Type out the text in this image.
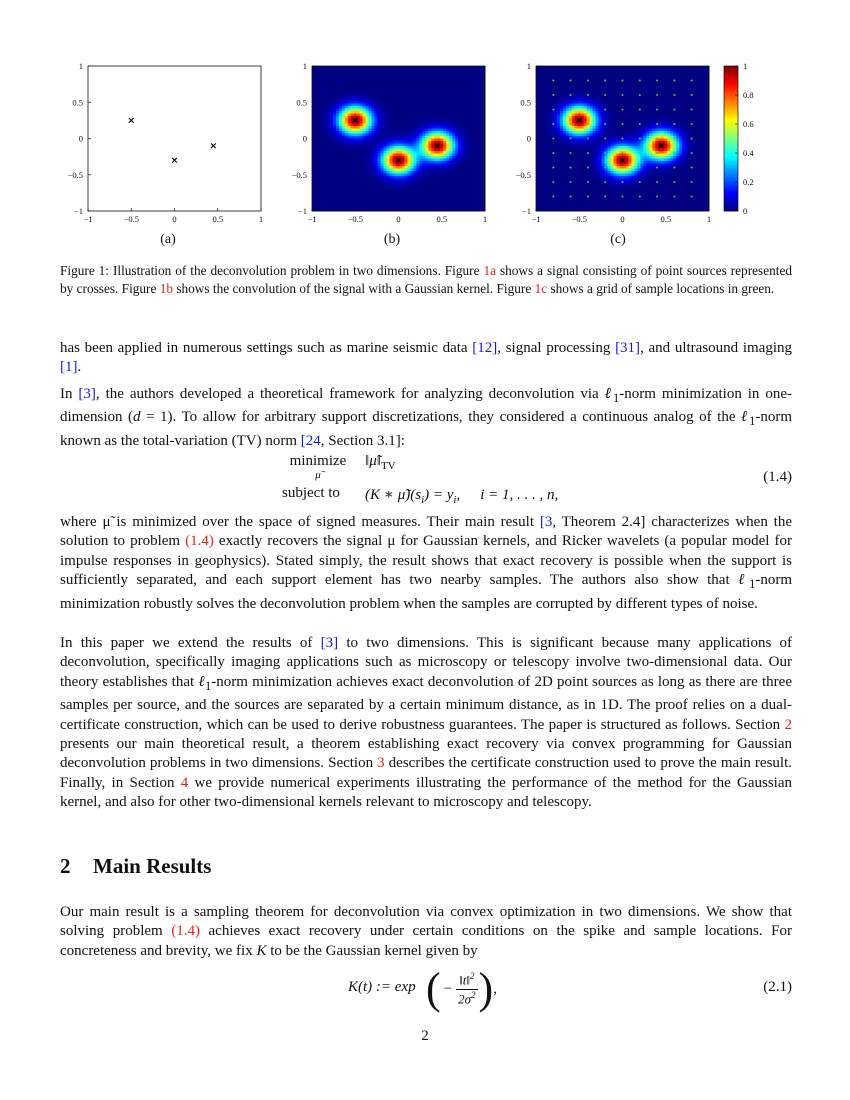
−1	−0.5	0	0.5	1
−1
−0.5
0
0.5
1
−1	−0.5	0	0.5	1
−1
−0.5
0
0.5
1
−1	−0.5	0	0.5	1
−1
−0.5
0
0.5
1	1
0.8
0.6
0.4
0.2
0
(a)	(b)	(c)
Figure 1: Illustration of the deconvolution problem in two dimensions. Figure 1a shows a signal consisting of point sources represented by crosses. Figure 1b shows the convolution of the signal with a Gaussian kernel. Figure 1c shows a grid of sample locations in green.
has been applied in numerous settings such as marine seismic data [12], signal processing [31], and ultrasound imaging [1].
In [3], the authors developed a theoretical framework for analyzing deconvolution via ℓ$_1$-norm minimization in one-dimension (d = 1). To allow for arbitrary support discretizations, they considered a continuous analog of the ℓ$_1$-norm known as the total-variation (TV) norm [24, Section 3.1]:
minimize
μ̃
$‖\mũ‖_{TV}$
subject to (K ∗ $\mũ)(s_i) = y_i$, i = 1, . . . , n,
(1.4)
where μ̃ is minimized over the space of signed measures. Their main result [3, Theorem 2.4] characterizes when the solution to problem (1.4) exactly recovers the signal μ for Gaussian kernels, and Ricker wavelets (a popular model for impulse responses in geophysics). Stated simply, the result shows that exact recovery is possible when the support is sufficiently separated, and each support element has two nearby samples. The authors also show that ℓ$_1$-norm minimization robustly solves the deconvolution problem when the samples are corrupted by different types of noise.
In this paper we extend the results of [3] to two dimensions. This is significant because many applications of deconvolution, specifically imaging applications such as microscopy or telescopy involve two-dimensional data. Our theory establishes that ℓ$_1$-norm minimization achieves exact deconvolution of 2D point sources as long as there are three samples per source, and the sources are separated by a certain minimum distance, as in 1D. The proof relies on a dual-certificate construction, which can be used to derive robustness guarantees. The paper is structured as follows. Section 2 presents our main theoretical result, a theorem establishing exact recovery via convex programming for Gaussian deconvolution problems in two dimensions. Section 3 describes the certificate construction used to prove the main result. Finally, in Section 4 we provide numerical experiments illustrating the performance of the method for the Gaussian kernel, and also for other two-dimensional kernels relevant to microscopy and telescopy.
2 Main Results
Our main result is a sampling theorem for deconvolution via convex optimization in two dimensions. We show that solving problem (1.4) achieves exact recovery under certain conditions on the spike and sample locations. For concreteness and brevity, we fix K to be the Gaussian kernel given by
K(t) := exp ( − $\frac{‖t‖^2}{2\sigma^2}$ ) ,	(2.1)
2
